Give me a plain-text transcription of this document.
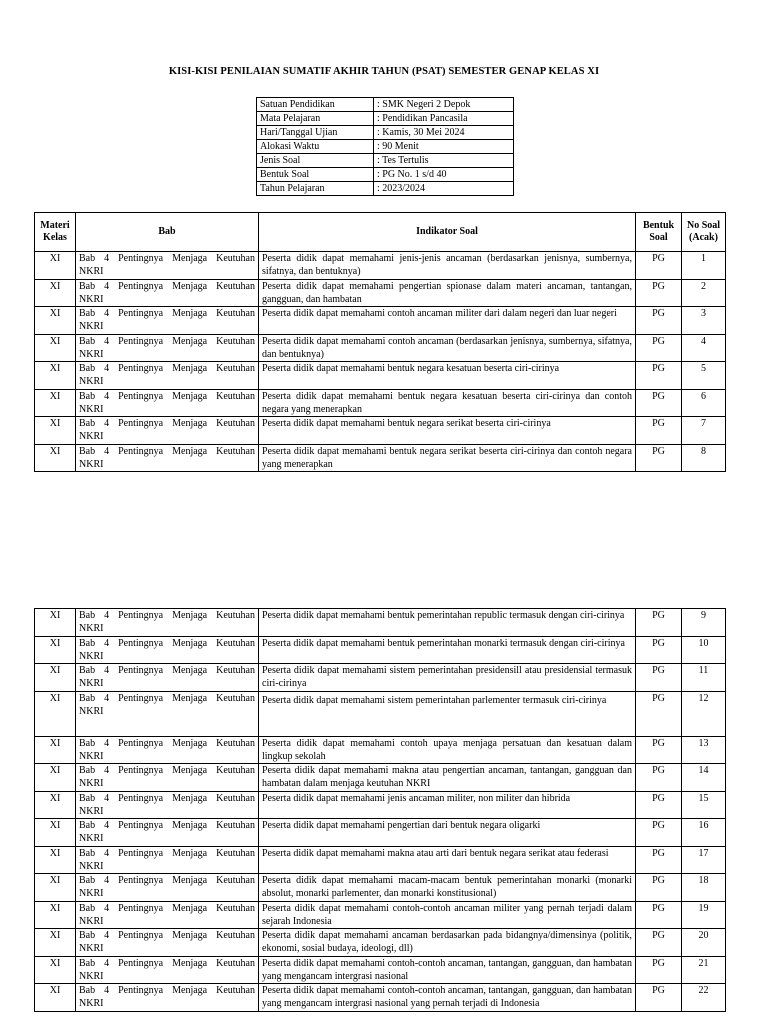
KISI-KISI PENILAIAN SUMATIF AKHIR TAHUN (PSAT) SEMESTER GENAP KELAS XI
Satuan Pendidikan	: SMK Negeri 2 Depok
Mata Pelajaran	: Pendidikan Pancasila
Hari/Tanggal Ujian	: Kamis, 30 Mei 2024
Alokasi Waktu	: 90 Menit
Jenis Soal	: Tes Tertulis
Bentuk Soal	: PG No. 1 s/d 40
Tahun Pelajaran	: 2023/2024
Materi Kelas	Bab	Indikator Soal	Bentuk Soal	No Soal (Acak)
XI	Bab 4 Pentingnya Menjaga Keutuhan NKRI	Peserta didik dapat memahami jenis-jenis ancaman (berdasarkan jenisnya, sumbernya, sifatnya, dan bentuknya)	PG	1
XI	Bab 4 Pentingnya Menjaga Keutuhan NKRI	Peserta didik dapat memahami pengertian spionase dalam materi ancaman, tantangan, gangguan, dan hambatan	PG	2
XI	Bab 4 Pentingnya Menjaga Keutuhan NKRI	Peserta didik dapat memahami contoh ancaman militer dari dalam negeri dan luar negeri	PG	3
XI	Bab 4 Pentingnya Menjaga Keutuhan NKRI	Peserta didik dapat memahami contoh ancaman (berdasarkan jenisnya, sumbernya, sifatnya, dan bentuknya)	PG	4
XI	Bab 4 Pentingnya Menjaga Keutuhan NKRI	Peserta didik dapat memahami bentuk negara kesatuan beserta ciri-cirinya	PG	5
XI	Bab 4 Pentingnya Menjaga Keutuhan NKRI	Peserta didik dapat memahami bentuk negara kesatuan beserta ciri-cirinya dan contoh negara yang menerapkan	PG	6
XI	Bab 4 Pentingnya Menjaga Keutuhan NKRI	Peserta didik dapat memahami bentuk negara serikat beserta ciri-cirinya	PG	7
XI	Bab 4 Pentingnya Menjaga Keutuhan NKRI	Peserta didik dapat memahami bentuk negara serikat beserta ciri-cirinya dan contoh negara yang menerapkan	PG	8
XI	Bab 4 Pentingnya Menjaga Keutuhan NKRI	Peserta didik dapat memahami bentuk pemerintahan republic termasuk dengan ciri-cirinya	PG	9
XI	Bab 4 Pentingnya Menjaga Keutuhan NKRI	Peserta didik dapat memahami bentuk pemerintahan monarki termasuk dengan ciri-cirinya	PG	10
XI	Bab 4 Pentingnya Menjaga Keutuhan NKRI	Peserta didik dapat memahami sistem pemerintahan presidensill atau presidensial termasuk ciri-cirinya	PG	11
XI	Bab 4 Pentingnya Menjaga Keutuhan NKRI	Peserta didik dapat memahami sistem pemerintahan parlementer termasuk ciri-cirinya	PG	12
XI	Bab 4 Pentingnya Menjaga Keutuhan NKRI	Peserta didik dapat memahami contoh upaya menjaga persatuan dan kesatuan dalam lingkup sekolah	PG	13
XI	Bab 4 Pentingnya Menjaga Keutuhan NKRI	Peserta didik dapat memahami makna atau pengertian ancaman, tantangan, gangguan dan hambatan dalam menjaga keutuhan NKRI	PG	14
XI	Bab 4 Pentingnya Menjaga Keutuhan NKRI	Peserta didik dapat memahami jenis ancaman militer, non militer dan hibrida	PG	15
XI	Bab 4 Pentingnya Menjaga Keutuhan NKRI	Peserta didik dapat memahami pengertian dari bentuk negara oligarki	PG	16
XI	Bab 4 Pentingnya Menjaga Keutuhan NKRI	Peserta didik dapat memahami makna atau arti dari bentuk negara serikat atau federasi	PG	17
XI	Bab 4 Pentingnya Menjaga Keutuhan NKRI	Peserta didik dapat memahami macam-macam bentuk pemerintahan monarki (monarki absolut, monarki parlementer, dan monarki konstitusional)	PG	18
XI	Bab 4 Pentingnya Menjaga Keutuhan NKRI	Peserta didik dapat memahami contoh-contoh ancaman militer yang pernah terjadi dalam sejarah Indonesia	PG	19
XI	Bab 4 Pentingnya Menjaga Keutuhan NKRI	Peserta didik dapat memahami ancaman berdasarkan pada bidangnya/dimensinya (politik, ekonomi, sosial budaya, ideologi, dll)	PG	20
XI	Bab 4 Pentingnya Menjaga Keutuhan NKRI	Peserta didik dapat memahami contoh-contoh ancaman, tantangan, gangguan, dan hambatan yang mengancam intergrasi nasional	PG	21
XI	Bab 4 Pentingnya Menjaga Keutuhan NKRI	Peserta didik dapat memahami contoh-contoh ancaman, tantangan, gangguan, dan hambatan yang mengancam intergrasi nasional yang pernah terjadi di Indonesia	PG	22
